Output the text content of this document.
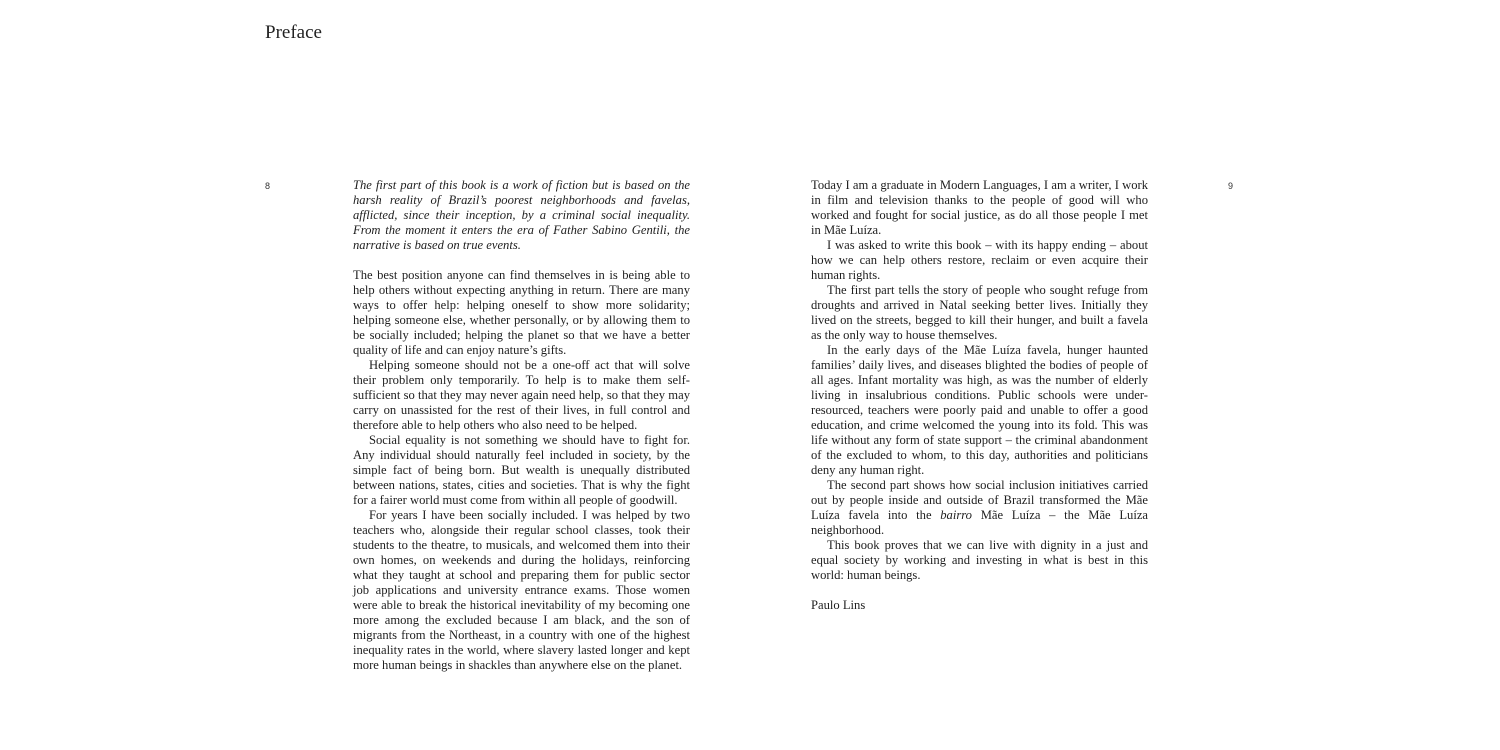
Preface
8	9

The first part of this book is a work of fiction but is based on the harsh reality of Brazil’s poorest neighborhoods and favelas, afflicted, since their inception, by a criminal social inequality. From the moment it enters the era of Father Sabino Gentili, the narrative is based on true events.

The best position anyone can find themselves in is being able to help others without expecting anything in return. There are many ways to offer help: helping oneself to show more solidarity; helping someone else, whether personally, or by allowing them to be socially included; helping the planet so that we have a better quality of life and can enjoy nature’s gifts.

Helping someone should not be a one-off act that will solve their problem only temporarily. To help is to make them self-sufficient so that they may never again need help, so that they may carry on unassisted for the rest of their lives, in full control and therefore able to help others who also need to be helped.

Social equality is not something we should have to fight for. Any individual should naturally feel included in society, by the simple fact of being born. But wealth is unequally distributed between nations, states, cities and societies. That is why the fight for a fairer world must come from within all people of goodwill.

For years I have been socially included. I was helped by two teachers who, alongside their regular school classes, took their students to the theatre, to musicals, and welcomed them into their own homes, on weekends and during the holidays, reinforcing what they taught at school and preparing them for public sector job applications and university entrance exams. Those women were able to break the historical inevitability of my becoming one more among the excluded because I am black, and the son of migrants from the Northeast, in a country with one of the highest inequality rates in the world, where slavery lasted longer and kept more human beings in shackles than anywhere else on the planet.

Today I am a graduate in Modern Languages, I am a writer, I work in film and television thanks to the people of good will who worked and fought for social justice, as do all those people I met in Mãe Luíza.

I was asked to write this book – with its happy ending – about how we can help others restore, reclaim or even acquire their human rights.

The first part tells the story of people who sought refuge from droughts and arrived in Natal seeking better lives. Initially they lived on the streets, begged to kill their hunger, and built a favela as the only way to house themselves.

In the early days of the Mãe Luíza favela, hunger haunted families’ daily lives, and diseases blighted the bodies of people of all ages. Infant mortality was high, as was the number of elderly living in insalubrious conditions. Public schools were under-resourced, teachers were poorly paid and unable to offer a good education, and crime welcomed the young into its fold. This was life without any form of state support – the criminal abandonment of the excluded to whom, to this day, authorities and politicians deny any human right.

The second part shows how social inclusion initiatives carried out by people inside and outside of Brazil transformed the Mãe Luíza favela into the bairro Mãe Luíza – the Mãe Luíza neighborhood.

This book proves that we can live with dignity in a just and equal society by working and investing in what is best in this world: human beings.

Paulo Lins
